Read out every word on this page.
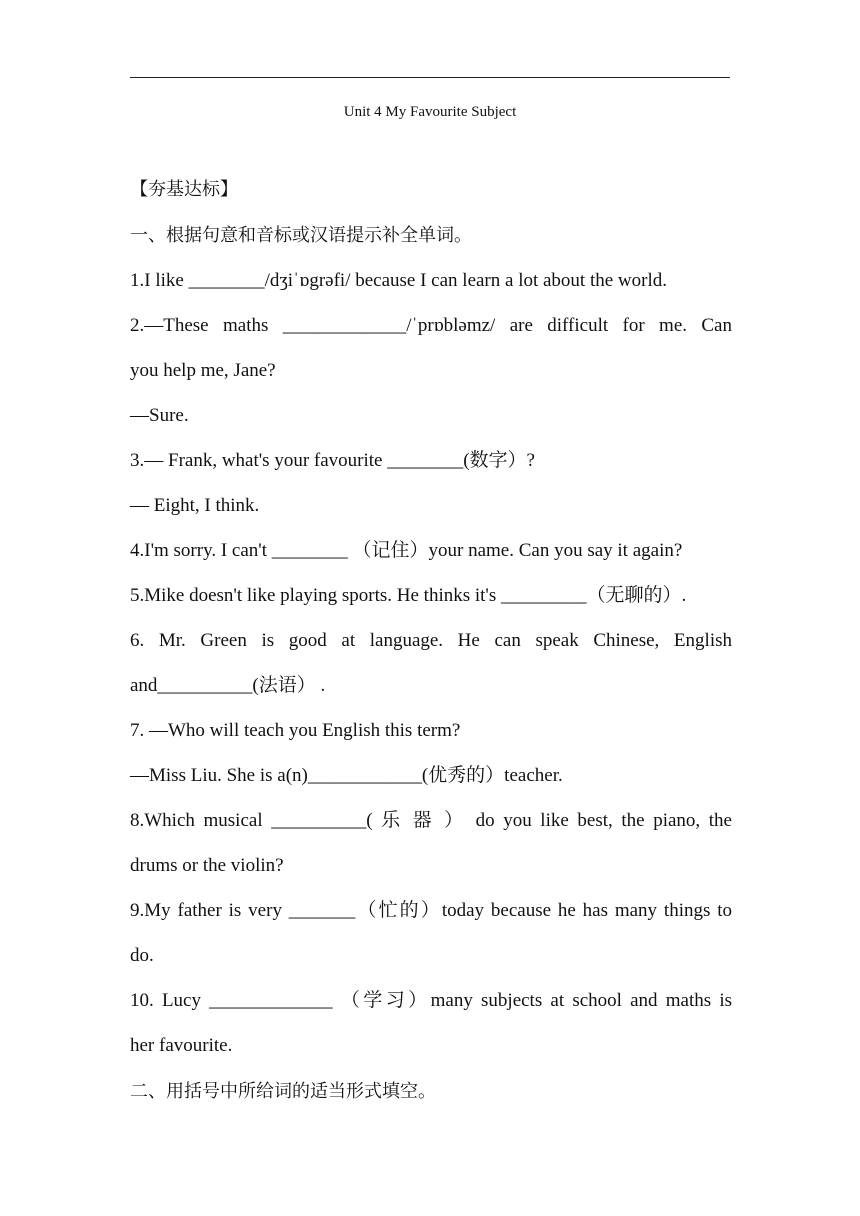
Unit 4 My Favourite Subject
【夯基达标】
一、根据句意和音标或汉语提示补全单词。
1.I like ________/dʒiˈɒgrəfi/ because I can learn a lot about the world.
2.—These maths _____________/ˈprɒbləmz/ are difficult for me. Can
you help me, Jane?
—Sure.
3.— Frank, what's your favourite ________(数字）?
— Eight, I think.
4.I'm sorry. I can't ________ （记住）your name. Can you say it again?
5.Mike doesn't like playing sports. He thinks it's _________（无聊的）.
6. Mr. Green is good at language. He can speak Chinese, English
and__________(法语） .
7. —Who will teach you English this term?
—Miss Liu. She is a(n)____________(优秀的）teacher.
8.Which musical __________( 乐 器 ） do you like best, the piano, the
drums or the violin?
9.My father is very _______（忙的）today because he has many things to
do.
10. Lucy _____________ （学习）many subjects at school and maths is
her favourite.
二、用括号中所给词的适当形式填空。
